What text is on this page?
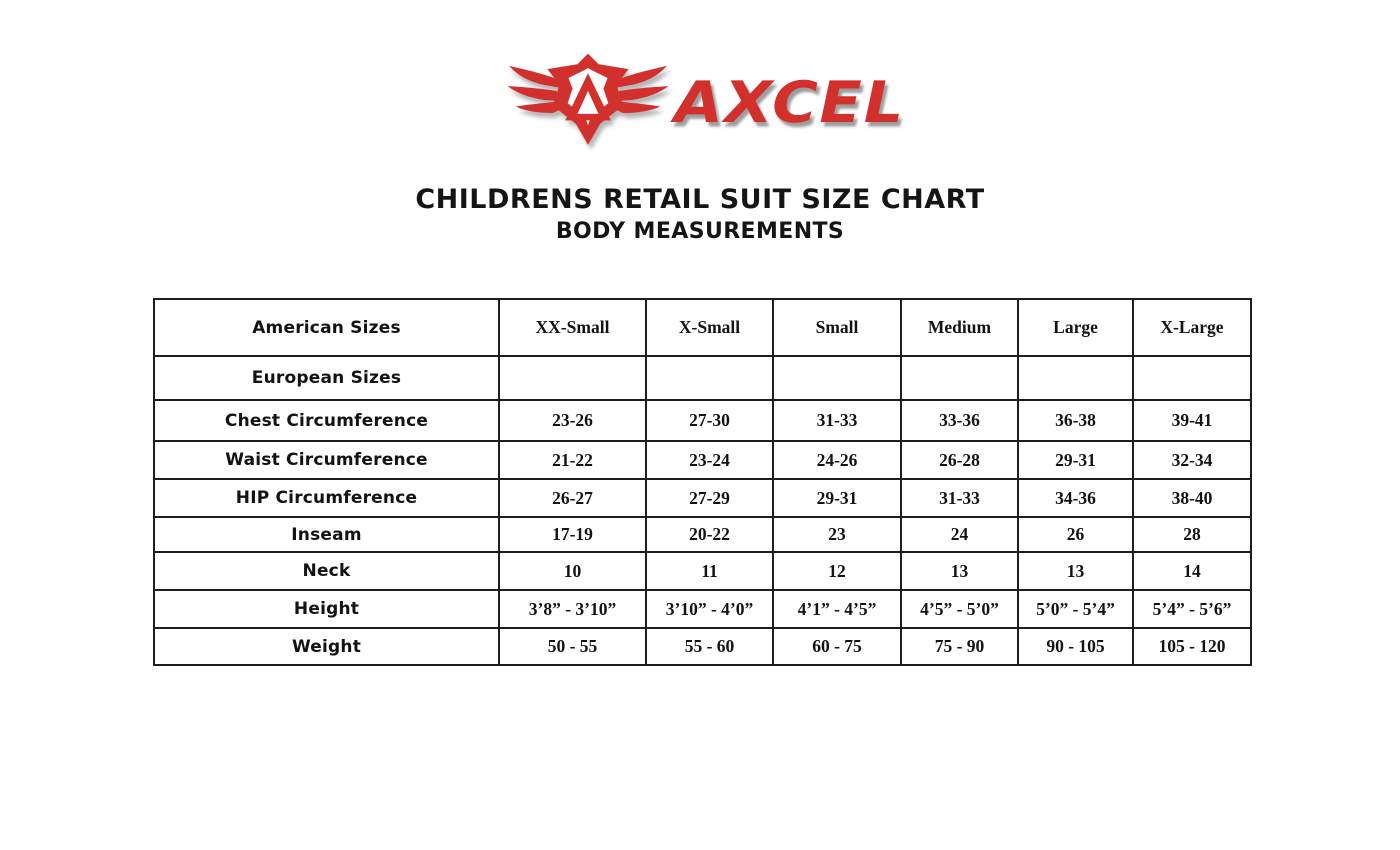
AXCEL
CHILDRENS RETAIL SUIT SIZE CHART
BODY MEASUREMENTS
American Sizes	XX-Small	X-Small	Small	Medium	Large	X-Large
European Sizes						
Chest Circumference	23-26	27-30	31-33	33-36	36-38	39-41
Waist Circumference	21-22	23-24	24-26	26-28	29-31	32-34
HIP Circumference	26-27	27-29	29-31	31-33	34-36	38-40
Inseam	17-19	20-22	23	24	26	28
Neck	10	11	12	13	13	14
Height	3’8” - 3’10”	3’10” - 4’0”	4’1” - 4’5”	4’5” - 5’0”	5’0” - 5’4”	5’4” - 5’6”
Weight	50 - 55	55 - 60	60 - 75	75 - 90	90 - 105	105 - 120
